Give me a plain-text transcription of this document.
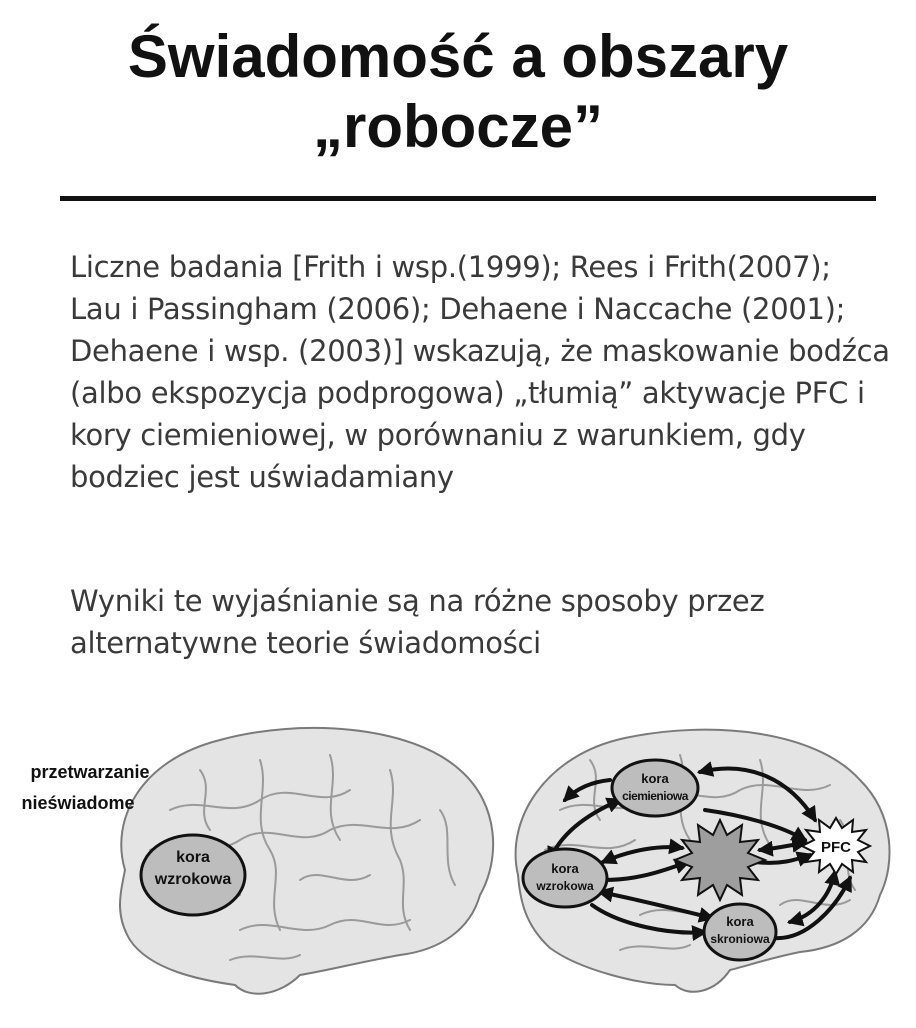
Świadomość a obszary
„robocze”

Liczne badania [Frith i wsp.(1999); Rees i Frith(2007); Lau i Passingham (2006); Dehaene i Naccache (2001); Dehaene i wsp. (2003)] wskazują, że maskowanie bodźca (albo ekspozycja podprogowa) „tłumią” aktywacje PFC i kory ciemieniowej, w porównaniu z warunkiem, gdy bodziec jest uświadamiany

Wyniki te wyjaśnianie są na różne sposoby przez alternatywne teorie świadomości

kora
wzrokowa
przetwarzanie
nieświadome
PFC
kora
ciemieniowa
kora
wzrokowa
kora
skroniowa
